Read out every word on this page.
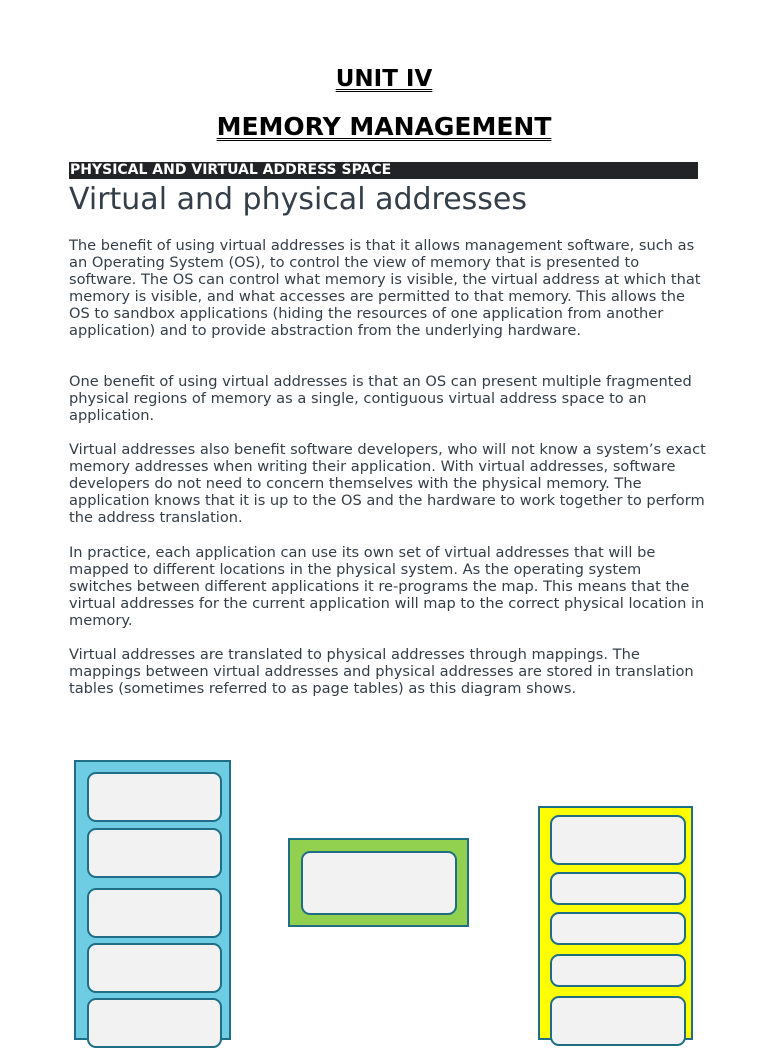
UNIT IV
MEMORY MANAGEMENT
PHYSICAL AND VIRTUAL ADDRESS SPACE
Virtual and physical addresses
The benefit of using virtual addresses is that it allows management software, such as an Operating System (OS), to control the view of memory that is presented to software. The OS can control what memory is visible, the virtual address at which that memory is visible, and what accesses are permitted to that memory. This allows the OS to sandbox applications (hiding the resources of one application from another application) and to provide abstraction from the underlying hardware.
One benefit of using virtual addresses is that an OS can present multiple fragmented physical regions of memory as a single, contiguous virtual address space to an application.
Virtual addresses also benefit software developers, who will not know a system’s exact memory addresses when writing their application. With virtual addresses, software developers do not need to concern themselves with the physical memory. The application knows that it is up to the OS and the hardware to work together to perform the address translation.
In practice, each application can use its own set of virtual addresses that will be mapped to different locations in the physical system. As the operating system switches between different applications it re-programs the map. This means that the virtual addresses for the current application will map to the correct physical location in memory.
Virtual addresses are translated to physical addresses through mappings. The mappings between virtual addresses and physical addresses are stored in translation tables (sometimes referred to as page tables) as this diagram shows.
